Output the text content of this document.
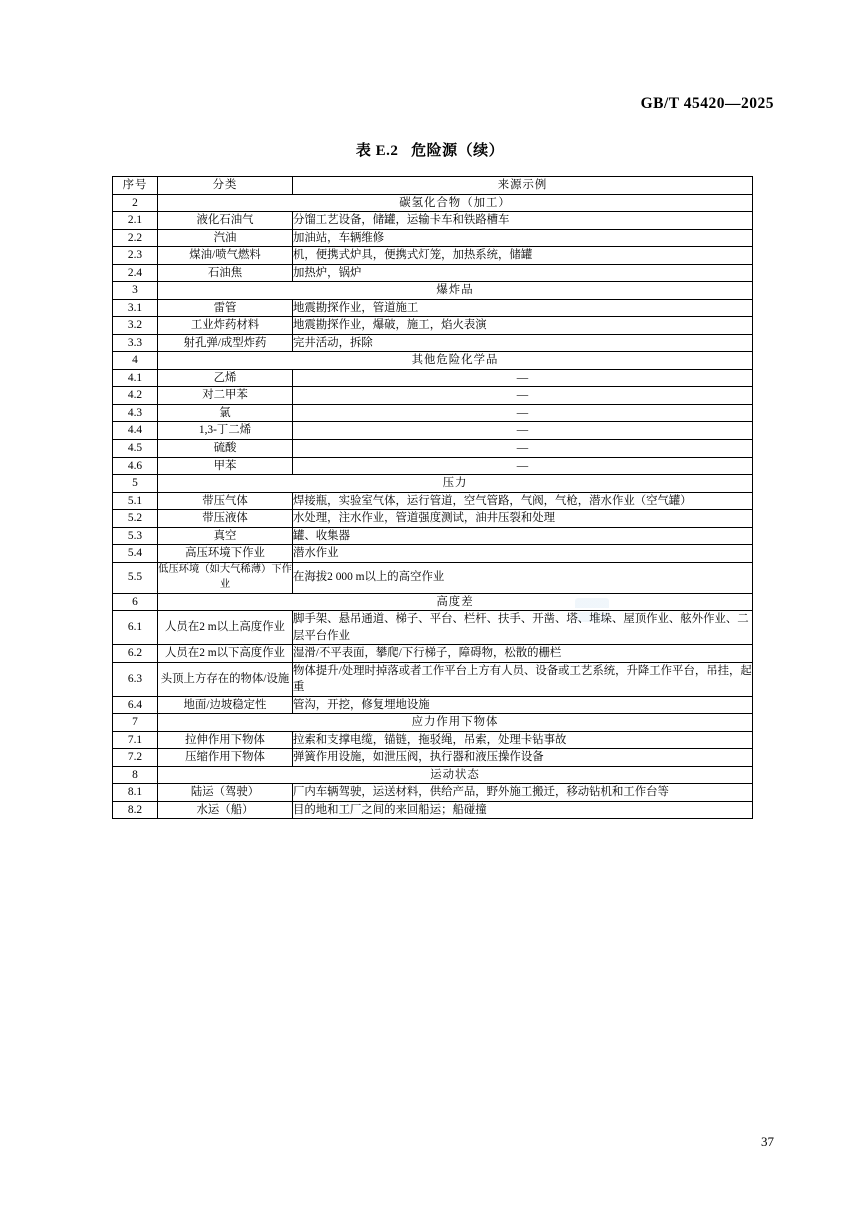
GB/T 45420—2025
表 E.2 危险源（续）
序号	分类	来源示例
2	碳氢化合物（加工）	
2.1	液化石油气	分馏工艺设备，储罐，运输卡车和铁路槽车
2.2	汽油	加油站，车辆维修
2.3	煤油/喷气燃料	机，便携式炉具，便携式灯笼，加热系统，储罐
2.4	石油焦	加热炉，锅炉
3	爆炸品	
3.1	雷管	地震勘探作业，管道施工
3.2	工业炸药材料	地震勘探作业，爆破，施工，焰火表演
3.3	射孔弹/成型炸药	完井活动，拆除
4	其他危险化学品	
4.1	乙烯	—
4.2	对二甲苯	—
4.3	氯	—
4.4	1,3-丁二烯	—
4.5	硫酸	—
4.6	甲苯	—
5	压力	
5.1	带压气体	焊接瓶，实验室气体，运行管道，空气管路，气阀，气枪，潜水作业（空气罐）
5.2	带压液体	水处理，注水作业，管道强度测试，油井压裂和处理
5.3	真空	罐、收集器
5.4	高压环境下作业	潜水作业
5.5	低压环境（如大气稀薄）下作业	在海拔2 000 m以上的高空作业
6	高度差	
6.1	人员在2 m以上高度作业	脚手架、悬吊通道、梯子、平台、栏杆、扶手、开凿、塔、堆垛、屋顶作业、舷外作业、二层平台作业
6.2	人员在2 m以下高度作业	湿滑/不平表面，攀爬/下行梯子，障碍物，松散的栅栏
6.3	头顶上方存在的物体/设施	物体提升/处理时掉落或者工作平台上方有人员、设备或工艺系统，升降工作平台，吊挂，起重
6.4	地面/边坡稳定性	管沟，开挖，修复埋地设施
7	应力作用下物体	
7.1	拉伸作用下物体	拉索和支撑电缆，锚链，拖驳绳，吊索，处理卡钻事故
7.2	压缩作用下物体	弹簧作用设施，如泄压阀，执行器和液压操作设备
8	运动状态	
8.1	陆运（驾驶）	厂内车辆驾驶，运送材料，供给产品，野外施工搬迁，移动钻机和工作台等
8.2	水运（船）	目的地和工厂之间的来回船运；船碰撞
37
